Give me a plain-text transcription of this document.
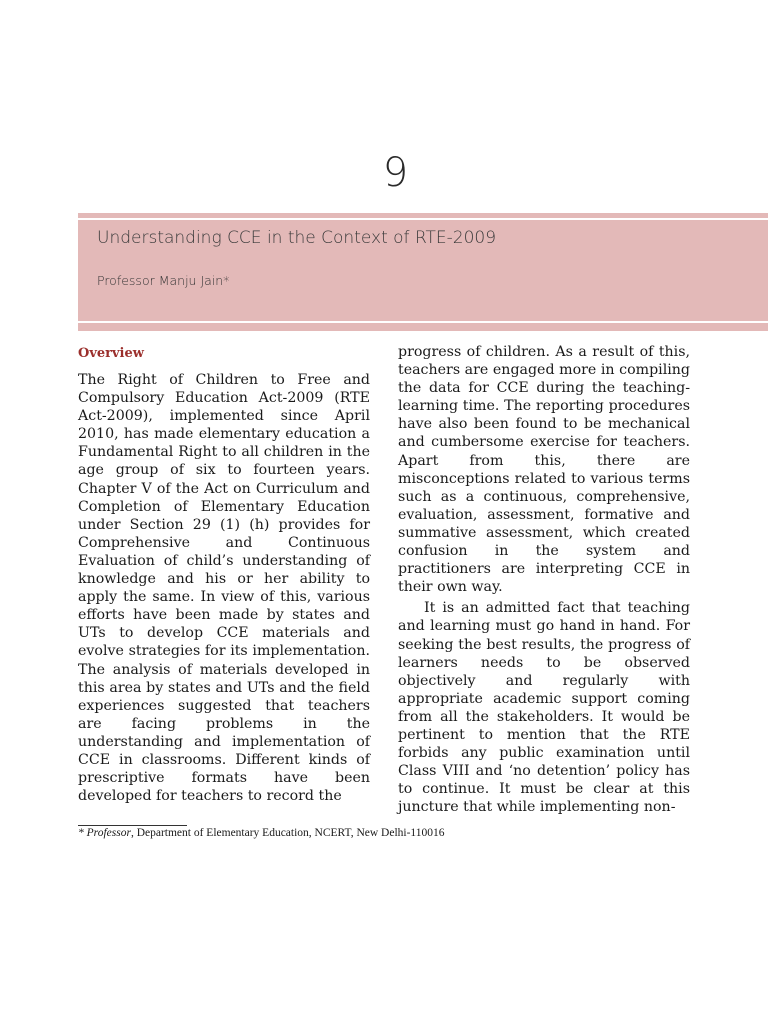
9
Understanding CCE in the Context of RTE-2009
Professor Manju Jain*
Overview

The Right of Children to Free and Compulsory Education Act-2009 (RTE Act-2009), implemented since April 2010, has made elementary education a Fundamental Right to all children in the age group of six to fourteen years. Chapter V of the Act on Curriculum and Completion of Elementary Education under Section 29 (1) (h) provides for Comprehensive and Continuous Evaluation of child’s understanding of knowledge and his or her ability to apply the same. In view of this, various efforts have been made by states and UTs to develop CCE materials and evolve strategies for its implementation. The analysis of materials developed in this area by states and UTs and the field experiences suggested that teachers are facing problems in the understanding and implementation of CCE in classrooms. Different kinds of prescriptive formats have been developed for teachers to record the

progress of children. As a result of this, teachers are engaged more in compiling the data for CCE during the teaching-learning time. The reporting procedures have also been found to be mechanical and cumbersome exercise for teachers. Apart from this, there are misconceptions related to various terms such as a continuous, comprehensive, evaluation, assessment, formative and summative assessment, which created confusion in the system and practitioners are interpreting CCE in their own way.

It is an admitted fact that teaching and learning must go hand in hand. For seeking the best results, the progress of learners needs to be observed objectively and regularly with appropriate academic support coming from all the stakeholders. It would be pertinent to mention that the RTE forbids any public examination until Class VIII and ‘no detention’ policy has to continue. It must be clear at this juncture that while implementing non-

* Professor, Department of Elementary Education, NCERT, New Delhi-110016
